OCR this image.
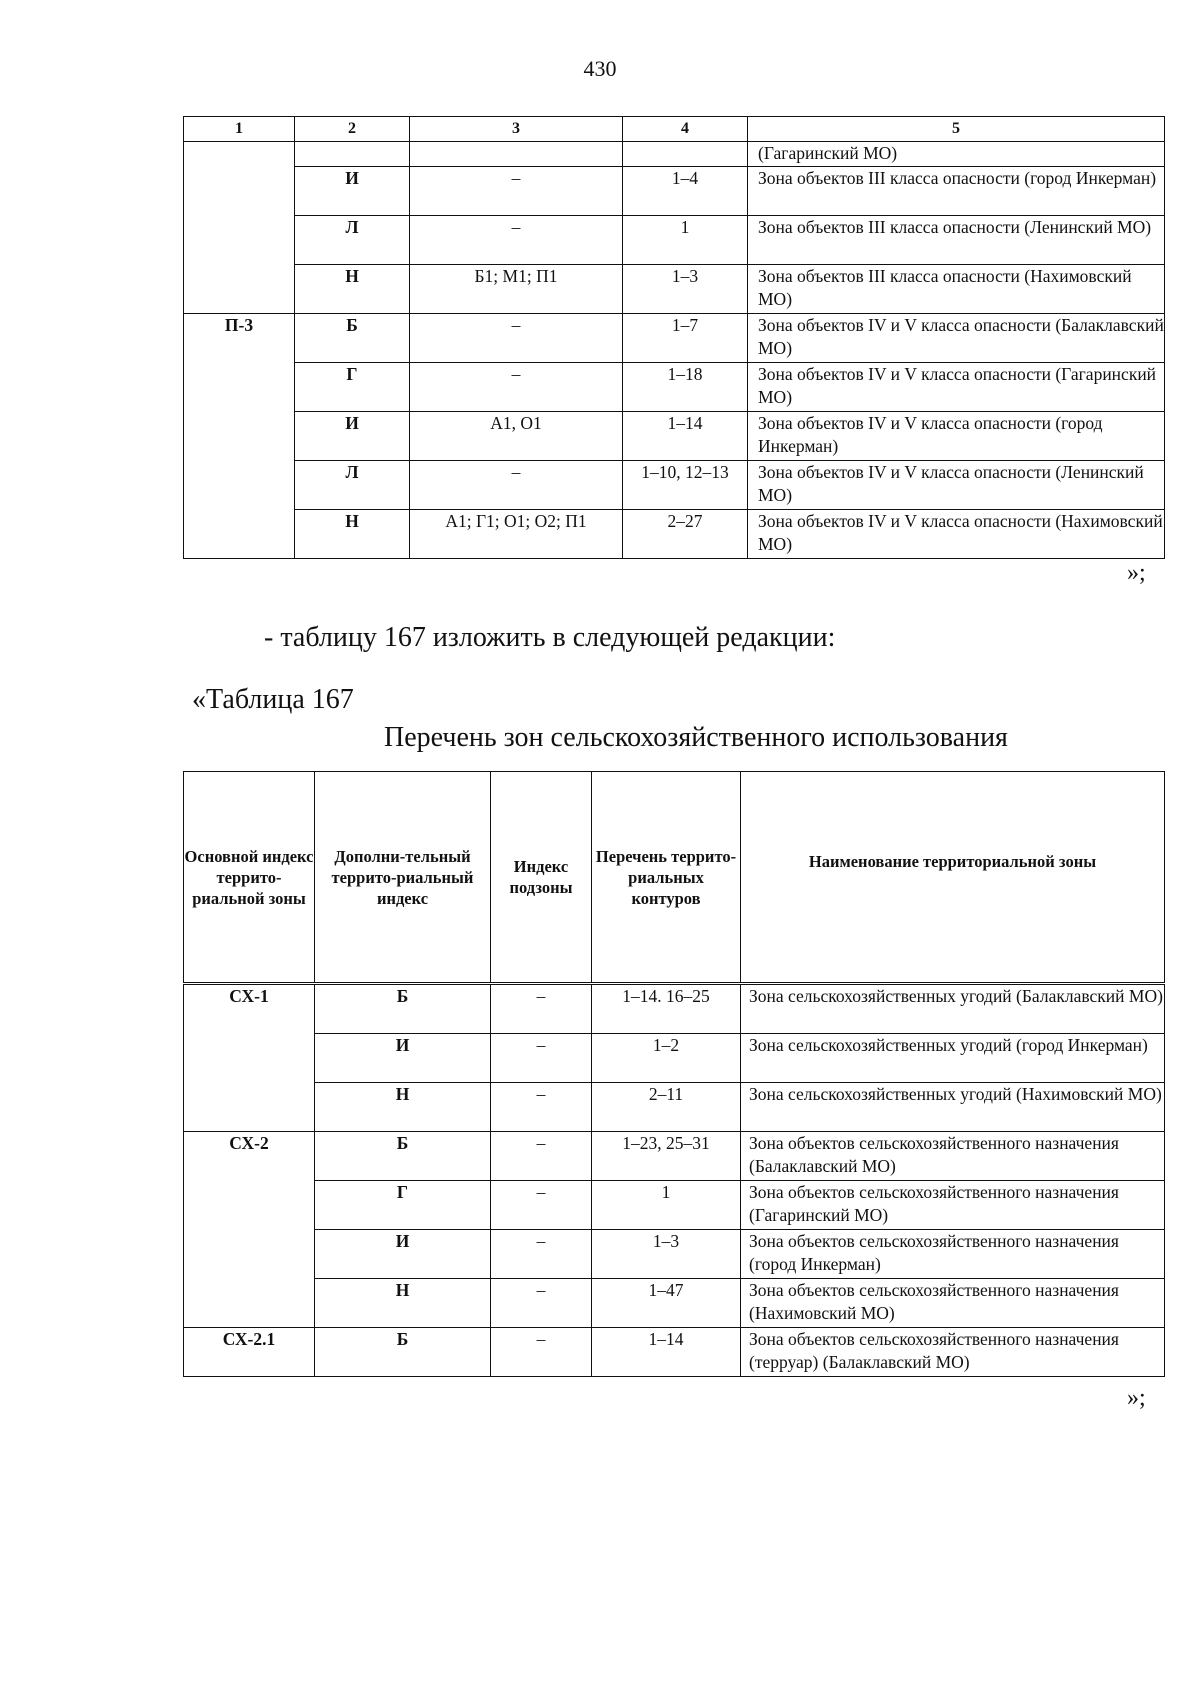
430
1	2	3	4	5
				(Гагаринский МО)
	И	–	1–4	Зона объектов III класса опасности (город Инкерман)
	Л	–	1	Зона объектов III класса опасности (Ленинский МО)
	Н	Б1; М1; П1	1–3	Зона объектов III класса опасности (Нахимовский МО)
П-3	Б	–	1–7	Зона объектов IV и V класса опасности (Балаклавский МО)
	Г	–	1–18	Зона объектов IV и V класса опасности (Гагаринский МО)
	И	А1, О1	1–14	Зона объектов IV и V класса опасности (город Инкерман)
	Л	–	1–10, 12–13	Зона объектов IV и V класса опасности (Ленинский МО)
	Н	А1; Г1; О1; О2; П1	2–27	Зона объектов IV и V класса опасности (Нахимовский МО)
»;
- таблицу 167 изложить в следующей редакции:
«Таблица 167
Перечень зон сельскохозяйственного использования
Основной индекс террито-риальной зоны	Дополни-тельный террито-риальный индекс	Индекс подзоны	Перечень террито-риальных контуров	Наименование территориальной зоны
СХ-1	Б	–	1–14. 16–25	Зона сельскохозяйственных угодий (Балаклавский МО)
	И	–	1–2	Зона сельскохозяйственных угодий (город Инкерман)
	Н	–	2–11	Зона сельскохозяйственных угодий (Нахимовский МО)
СХ-2	Б	–	1–23, 25–31	Зона объектов сельскохозяйственного назначения (Балаклавский МО)
	Г	–	1	Зона объектов сельскохозяйственного назначения (Гагаринский МО)
	И	–	1–3	Зона объектов сельскохозяйственного назначения (город Инкерман)
	Н	–	1–47	Зона объектов сельскохозяйственного назначения (Нахимовский МО)
СХ-2.1	Б	–	1–14	Зона объектов сельскохозяйственного назначения (терруар) (Балаклавский МО)
»;
